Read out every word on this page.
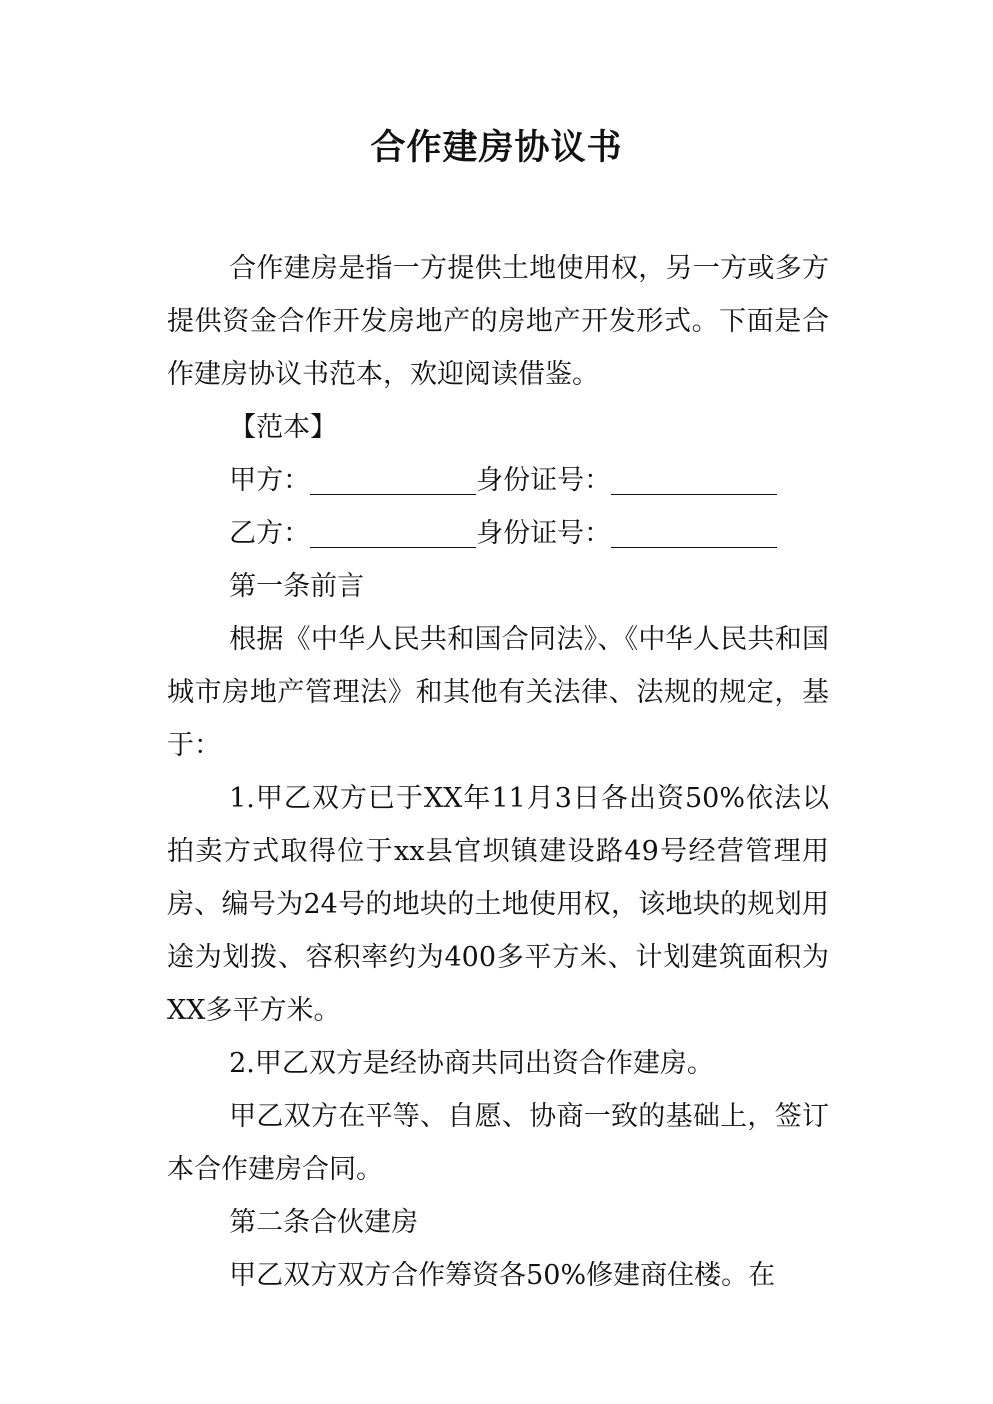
合作建房协议书

合作建房是指一方提供土地使用权，另一方或多方提供资金合作开发房地产的房地产开发形式。下面是合作建房协议书范本，欢迎阅读借鉴。

【范本】

甲方：	身份证号：

乙方：	身份证号：

第一条前言

根据《中华人民共和国合同法》、《中华人民共和国城市房地产管理法》和其他有关法律、法规的规定，基于：

1.甲乙双方已于XX年11月3日各出资50%依法以拍卖方式取得位于xx县官坝镇建设路49号经营管理用房、编号为24号的地块的土地使用权，该地块的规划用途为划拨、容积率约为400多平方米、计划建筑面积为XX多平方米。

2.甲乙双方是经协商共同出资合作建房。

甲乙双方在平等、自愿、协商一致的基础上，签订本合作建房合同。

第二条合伙建房

甲乙双方双方合作筹资各50%修建商住楼。在
